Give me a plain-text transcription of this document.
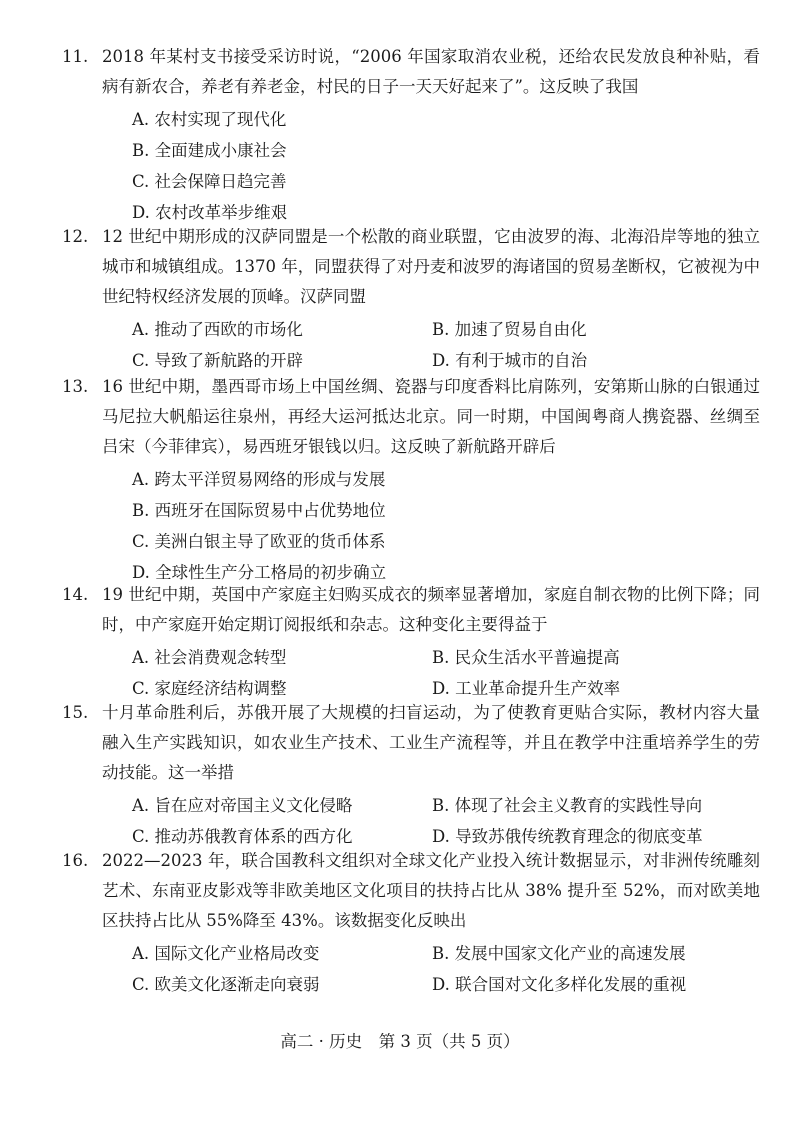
11. 2018 年某村支书接受采访时说，“2006 年国家取消农业税，还给农民发放良种补贴，看病有新农合，养老有养老金，村民的日子一天天好起来了”。这反映了我国

A. 农村实现了现代化
B. 全面建成小康社会
C. 社会保障日趋完善
D. 农村改革举步维艰
12. 12 世纪中期形成的汉萨同盟是一个松散的商业联盟，它由波罗的海、北海沿岸等地的独立城市和城镇组成。1370 年，同盟获得了对丹麦和波罗的海诸国的贸易垄断权，它被视为中世纪特权经济发展的顶峰。汉萨同盟

A. 推动了西欧的市场化	B. 加速了贸易自由化
C. 导致了新航路的开辟	D. 有利于城市的自治
13. 16 世纪中期，墨西哥市场上中国丝绸、瓷器与印度香料比肩陈列，安第斯山脉的白银通过马尼拉大帆船运往泉州，再经大运河抵达北京。同一时期，中国闽粤商人携瓷器、丝绸至吕宋（今菲律宾），易西班牙银钱以归。这反映了新航路开辟后

A. 跨太平洋贸易网络的形成与发展
B. 西班牙在国际贸易中占优势地位
C. 美洲白银主导了欧亚的货币体系
D. 全球性生产分工格局的初步确立
14. 19 世纪中期，英国中产家庭主妇购买成衣的频率显著增加，家庭自制衣物的比例下降；同时，中产家庭开始定期订阅报纸和杂志。这种变化主要得益于

A. 社会消费观念转型	B. 民众生活水平普遍提高
C. 家庭经济结构调整	D. 工业革命提升生产效率
15. 十月革命胜利后，苏俄开展了大规模的扫盲运动，为了使教育更贴合实际，教材内容大量融入生产实践知识，如农业生产技术、工业生产流程等，并且在教学中注重培养学生的劳动技能。这一举措

A. 旨在应对帝国主义文化侵略	B. 体现了社会主义教育的实践性导向
C. 推动苏俄教育体系的西方化	D. 导致苏俄传统教育理念的彻底变革
16. 2022—2023 年，联合国教科文组织对全球文化产业投入统计数据显示，对非洲传统雕刻艺术、东南亚皮影戏等非欧美地区文化项目的扶持占比从 38% 提升至 52%，而对欧美地区扶持占比从 55%降至 43%。该数据变化反映出

A. 国际文化产业格局改变	B. 发展中国家文化产业的高速发展
C. 欧美文化逐渐走向衰弱	D. 联合国对文化多样化发展的重视
高二 · 历史　第 3 页（共 5 页）
